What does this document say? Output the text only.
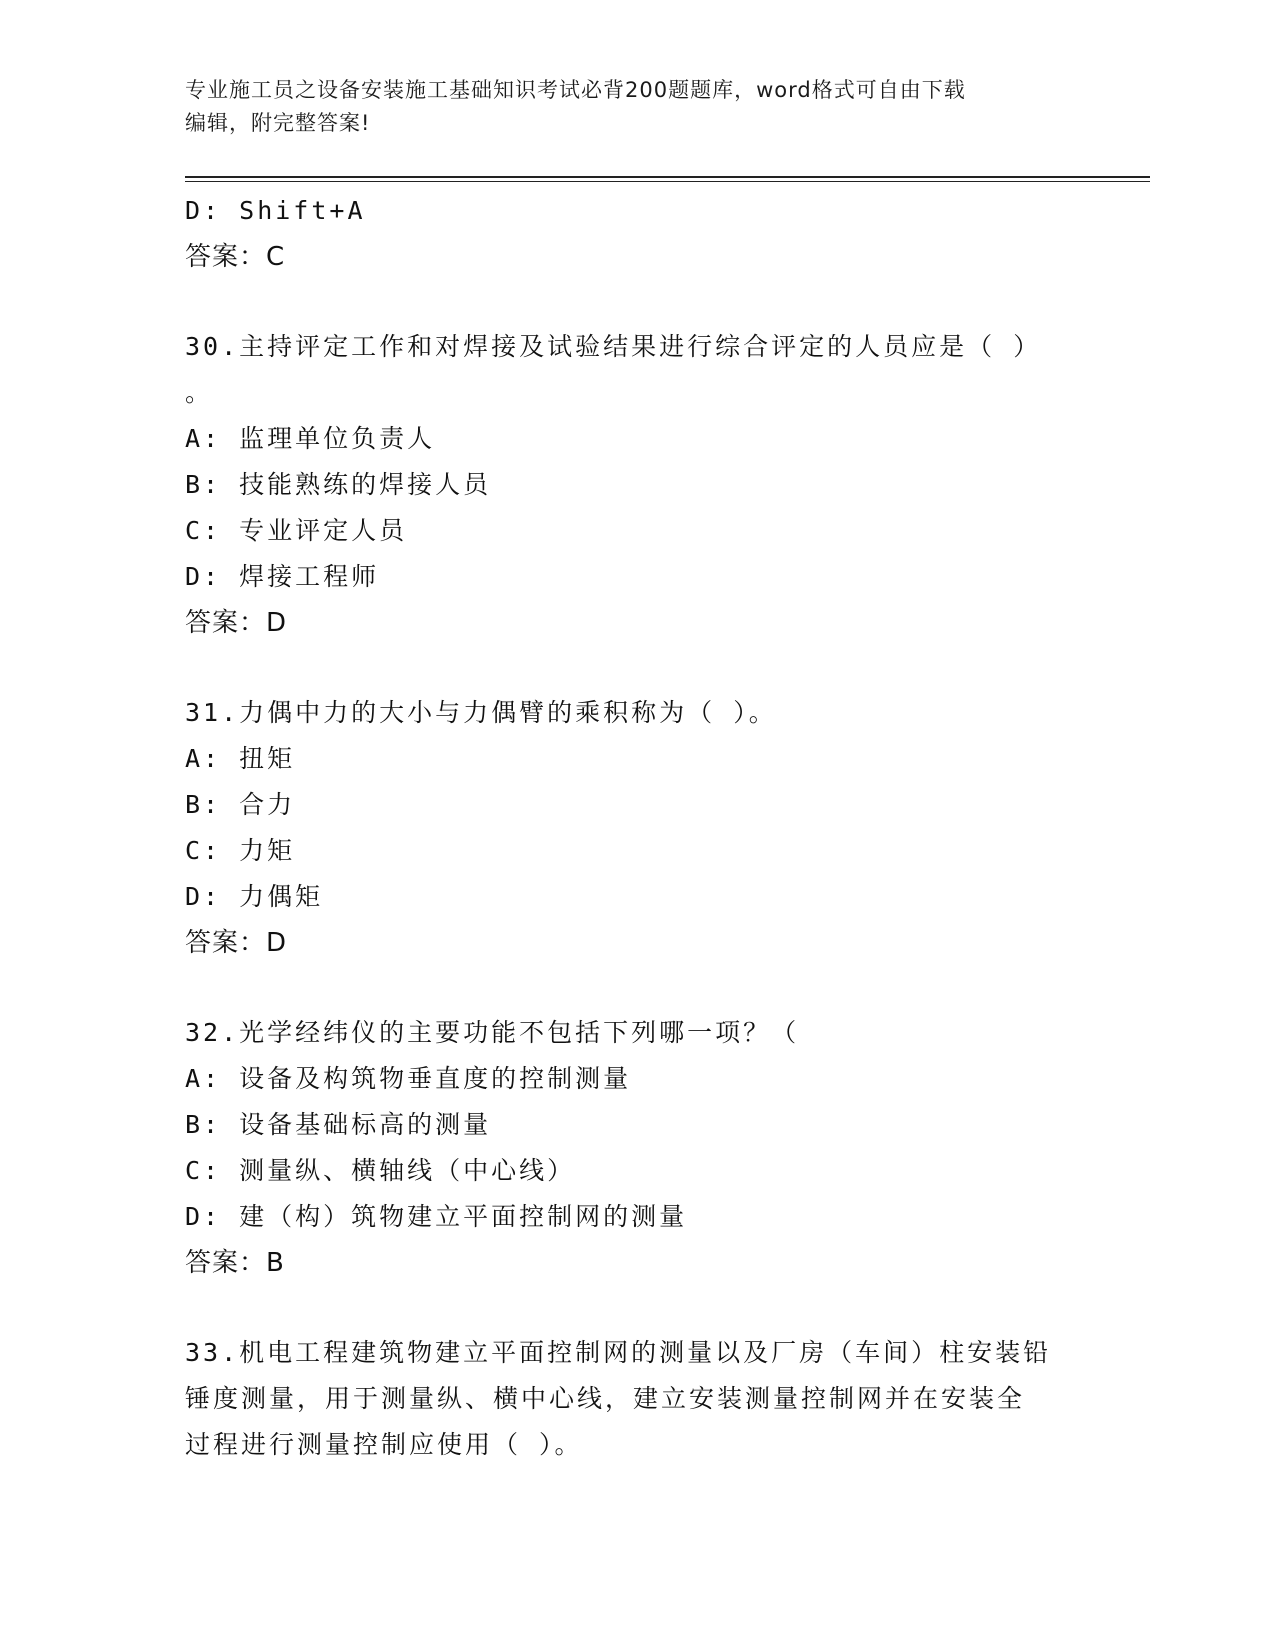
专业施工员之设备安装施工基础知识考试必背200题题库，word格式可自由下载
编辑，附完整答案!
D: Shift+A
答案：C
30.主持评定工作和对焊接及试验结果进行综合评定的人员应是（ ）
。
A: 监理单位负责人
B: 技能熟练的焊接人员
C: 专业评定人员
D: 焊接工程师
答案：D
31.力偶中力的大小与力偶臂的乘积称为（ ）。
A: 扭矩
B: 合力
C: 力矩
D: 力偶矩
答案：D
32.光学经纬仪的主要功能不包括下列哪一项？（
A: 设备及构筑物垂直度的控制测量
B: 设备基础标高的测量
C: 测量纵、横轴线（中心线）
D: 建（构）筑物建立平面控制网的测量
答案：B
33.机电工程建筑物建立平面控制网的测量以及厂房（车间）柱安装铅
锤度测量，用于测量纵、横中心线，建立安装测量控制网并在安装全
过程进行测量控制应使用（ ）。
